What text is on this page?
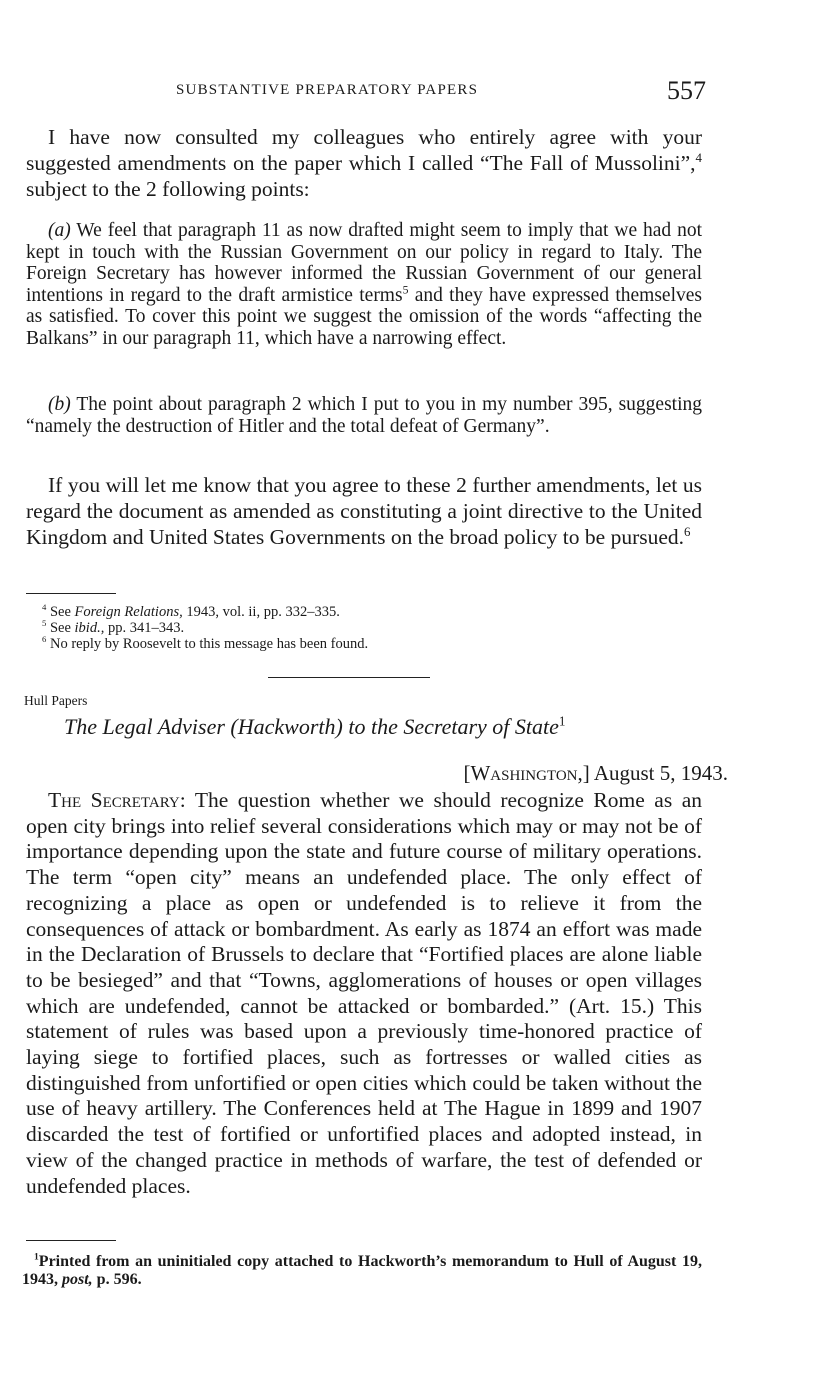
SUBSTANTIVE PREPARATORY PAPERS	557

I have now consulted my colleagues who entirely agree with your suggested amendments on the paper which I called “The Fall of Mussolini”,$^4$ subject to the 2 following points:

(a) We feel that paragraph 11 as now drafted might seem to imply that we had not kept in touch with the Russian Government on our policy in regard to Italy. The Foreign Secretary has however informed the Russian Government of our general intentions in regard to the draft armistice terms$^5$ and they have expressed themselves as satisfied. To cover this point we suggest the omission of the words “affecting the Balkans” in our paragraph 11, which have a narrowing effect.

(b) The point about paragraph 2 which I put to you in my number 395, suggesting “namely the destruction of Hitler and the total defeat of Germany”.

If you will let me know that you agree to these 2 further amendments, let us regard the document as amended as constituting a joint directive to the United Kingdom and United States Governments on the broad policy to be pursued.$^6$

$^4$ See Foreign Relations, 1943, vol. ii, pp. 332–335.
$^5$ See ibid., pp. 341–343.
$^6$ No reply by Roosevelt to this message has been found.
Hull Papers
The Legal Adviser (Hackworth) to the Secretary of State$^1$
[Washington,] August 5, 1943.

The Secretary: The question whether we should recognize Rome as an open city brings into relief several considerations which may or may not be of importance depending upon the state and future course of military operations. The term “open city” means an undefended place. The only effect of recognizing a place as open or undefended is to relieve it from the consequences of attack or bombardment. As early as 1874 an effort was made in the Declaration of Brussels to declare that “Fortified places are alone liable to be besieged” and that “Towns, agglomerations of houses or open villages which are undefended, cannot be attacked or bombarded.” (Art. 15.) This statement of rules was based upon a previously time-honored practice of laying siege to fortified places, such as fortresses or walled cities as distinguished from unfortified or open cities which could be taken without the use of heavy artillery. The Conferences held at The Hague in 1899 and 1907 discarded the test of fortified or unfortified places and adopted instead, in view of the changed practice in methods of warfare, the test of defended or undefended places.

$^1$Printed from an uninitialed copy attached to Hackworth’s memorandum to Hull of August 19, 1943, post, p. 596.
